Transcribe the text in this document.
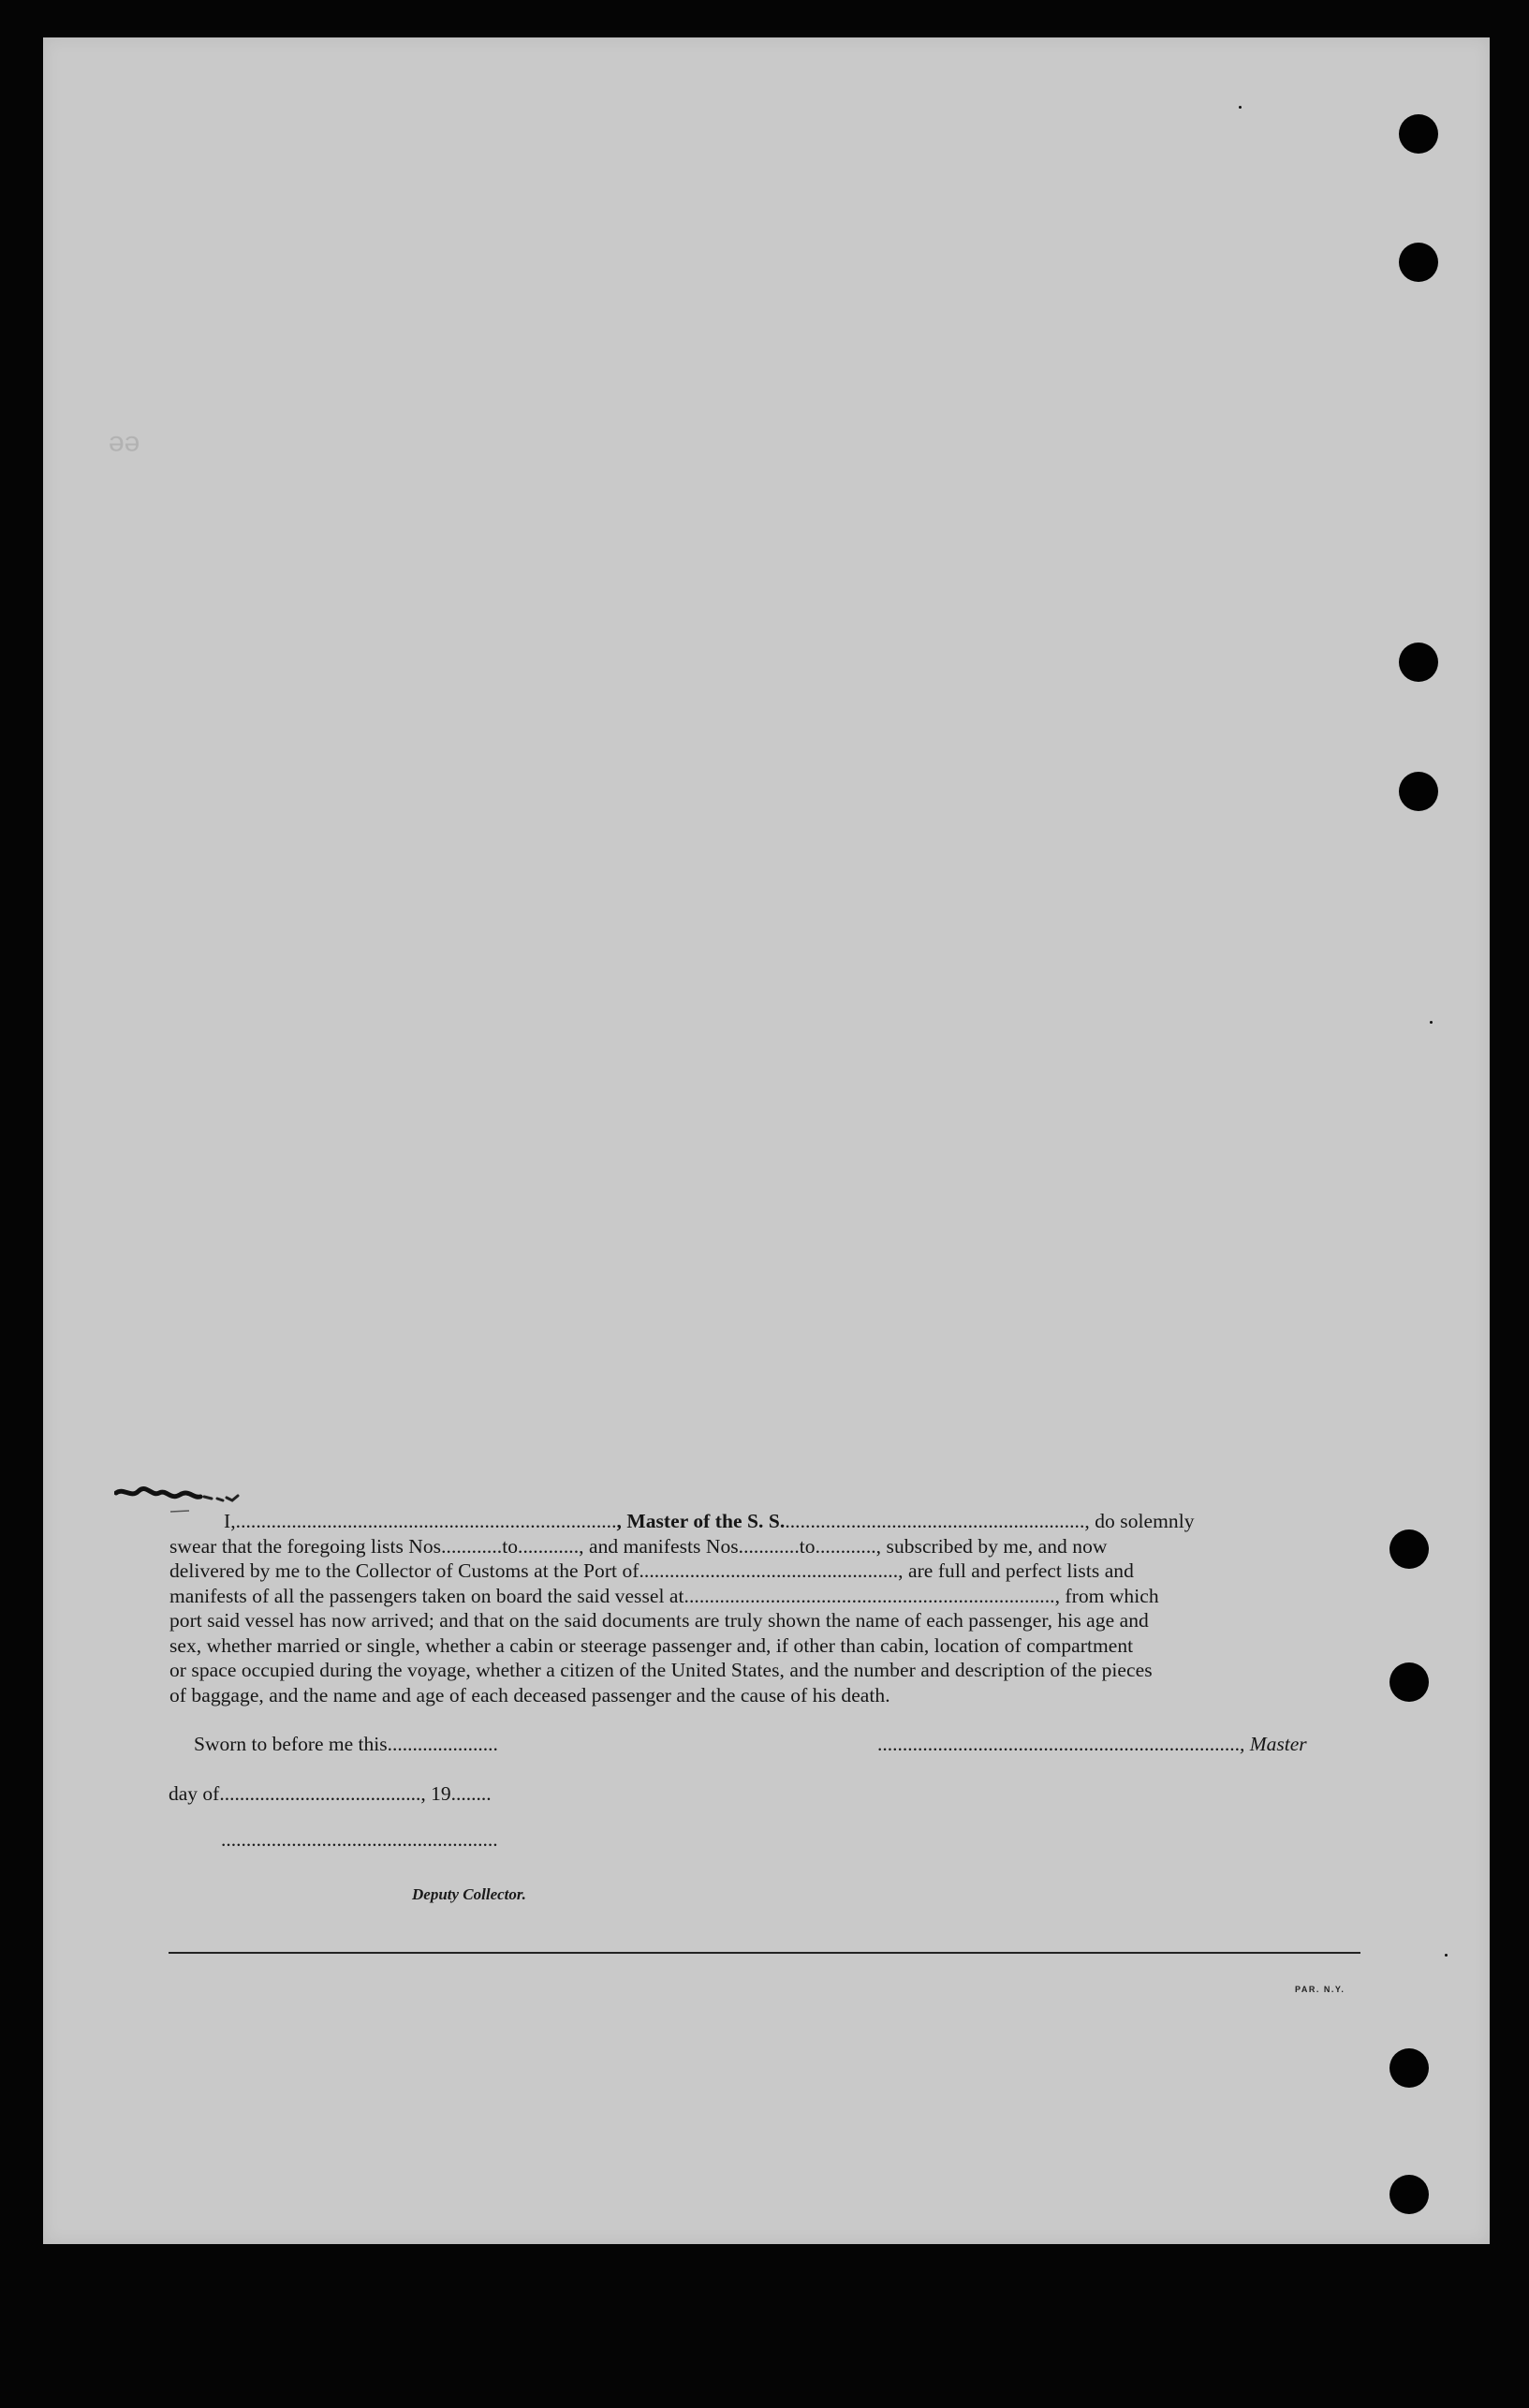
ɘɘ

I,..........................................................................., Master of the S. S............................................................, do solemnly

swear that the foregoing lists Nos............to............, and manifests Nos............to............, subscribed by me, and now

delivered by me to the Collector of Customs at the Port of..................................................., are full and perfect lists and

manifests of all the passengers taken on board the said vessel at........................................................................., from which

port said vessel has now arrived; and that on the said documents are truly shown the name of each passenger, his age and

sex, whether married or single, whether a cabin or steerage passenger and, if other than cabin, location of compartment

or space occupied during the voyage, whether a citizen of the United States, and the number and description of the pieces

of baggage, and the name and age of each deceased passenger and the cause of his death.

Sworn to before me this......................	........................................................................, Master
day of........................................, 19........
.......................................................
Deputy Collector.
PAR. N.Y.
